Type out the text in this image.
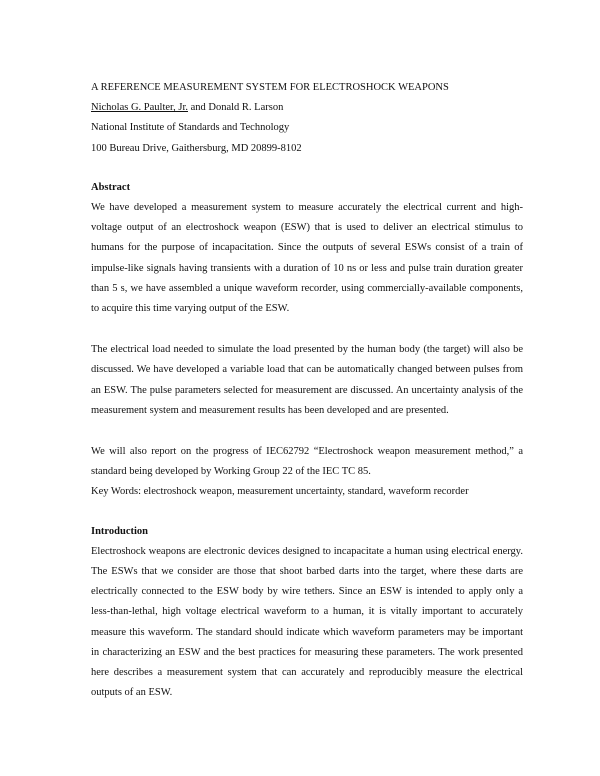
A REFERENCE MEASUREMENT SYSTEM FOR ELECTROSHOCK WEAPONS
Nicholas G. Paulter, Jr. and Donald R. Larson
National Institute of Standards and Technology
100 Bureau Drive, Gaithersburg, MD 20899-8102
Abstract
We have developed a measurement system to measure accurately the electrical current and high-voltage output of an electroshock weapon (ESW) that is used to deliver an electrical stimulus to humans for the purpose of incapacitation. Since the outputs of several ESWs consist of a train of impulse-like signals having transients with a duration of 10 ns or less and pulse train duration greater than 5 s, we have assembled a unique waveform recorder, using commercially-available components, to acquire this time varying output of the ESW.
The electrical load needed to simulate the load presented by the human body (the target) will also be discussed. We have developed a variable load that can be automatically changed between pulses from an ESW. The pulse parameters selected for measurement are discussed. An uncertainty analysis of the measurement system and measurement results has been developed and are presented.
We will also report on the progress of IEC62792 “Electroshock weapon measurement method,” a standard being developed by Working Group 22 of the IEC TC 85.
Key Words: electroshock weapon, measurement uncertainty, standard, waveform recorder
Introduction
Electroshock weapons are electronic devices designed to incapacitate a human using electrical energy. The ESWs that we consider are those that shoot barbed darts into the target, where these darts are electrically connected to the ESW body by wire tethers. Since an ESW is intended to apply only a less-than-lethal, high voltage electrical waveform to a human, it is vitally important to accurately measure this waveform. The standard should indicate which waveform parameters may be important in characterizing an ESW and the best practices for measuring these parameters. The work presented here describes a measurement system that can accurately and reproducibly measure the electrical outputs of an ESW.
